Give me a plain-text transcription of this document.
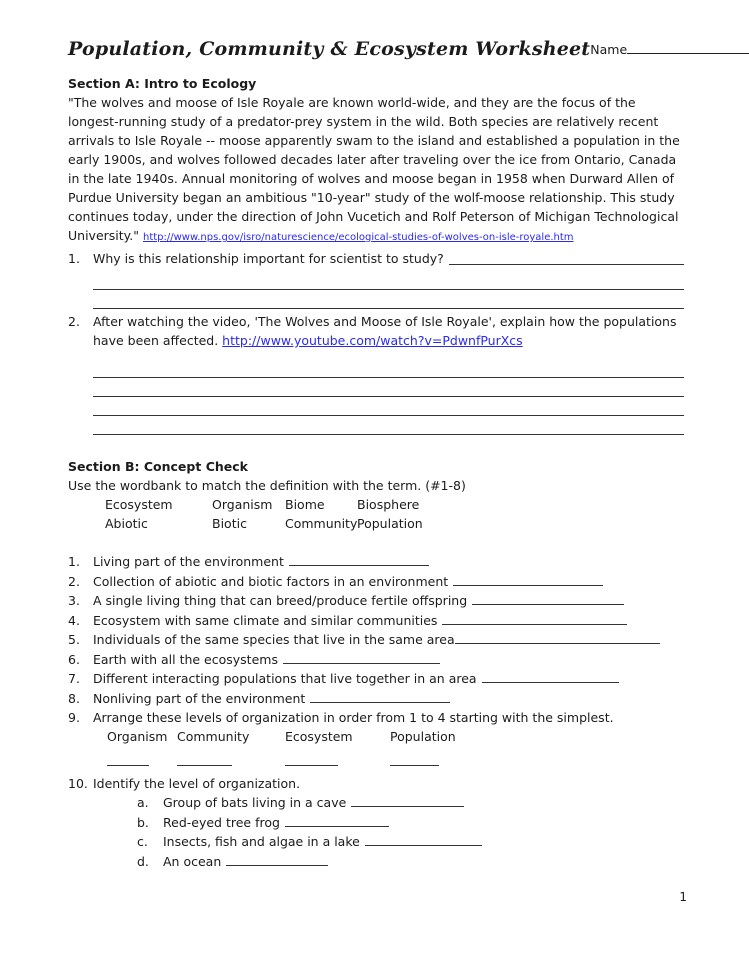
Population, Community & Ecosystem Worksheet Name
Section A: Intro to Ecology

"The wolves and moose of Isle Royale are known world-wide, and they are the focus of the longest-running study of a predator-prey system in the wild. Both species are relatively recent arrivals to Isle Royale -- moose apparently swam to the island and established a population in the early 1900s, and wolves followed decades later after traveling over the ice from Ontario, Canada in the late 1940s. Annual monitoring of wolves and moose began in 1958 when Durward Allen of Purdue University began an ambitious "10-year" study of the wolf-moose relationship. This study continues today, under the direction of John Vucetich and Rolf Peterson of Michigan Technological University." http://www.nps.gov/isro/naturescience/ecological-studies-of-wolves-on-isle-royale.htm

1.	Why is this relationship important for scientist to study?
2.	After watching the video, 'The Wolves and Moose of Isle Royale', explain how the populations have been affected. http://www.youtube.com/watch?v=PdwnfPurXcs
Section B: Concept Check
Use the wordbank to match the definition with the term. (#1-8)
Ecosystem	Organism	Biome	Biosphere
Abiotic	Biotic	Community Population
1.	Living part of the environment
2.	Collection of abiotic and biotic factors in an environment
3.	A single living thing that can breed/produce fertile offspring
4.	Ecosystem with same climate and similar communities
5.	Individuals of the same species that live in the same area
6.	Earth with all the ecosystems
7.	Different interacting populations that live together in an area
8.	Nonliving part of the environment
9.	Arrange these levels of organization in order from 1 to 4 starting with the simplest.
Organism Community	Ecosystem	Population
10. Identify the level of organization.
a.	Group of bats living in a cave
b.	Red-eyed tree frog
c.	Insects, fish and algae in a lake
d.	An ocean
1
